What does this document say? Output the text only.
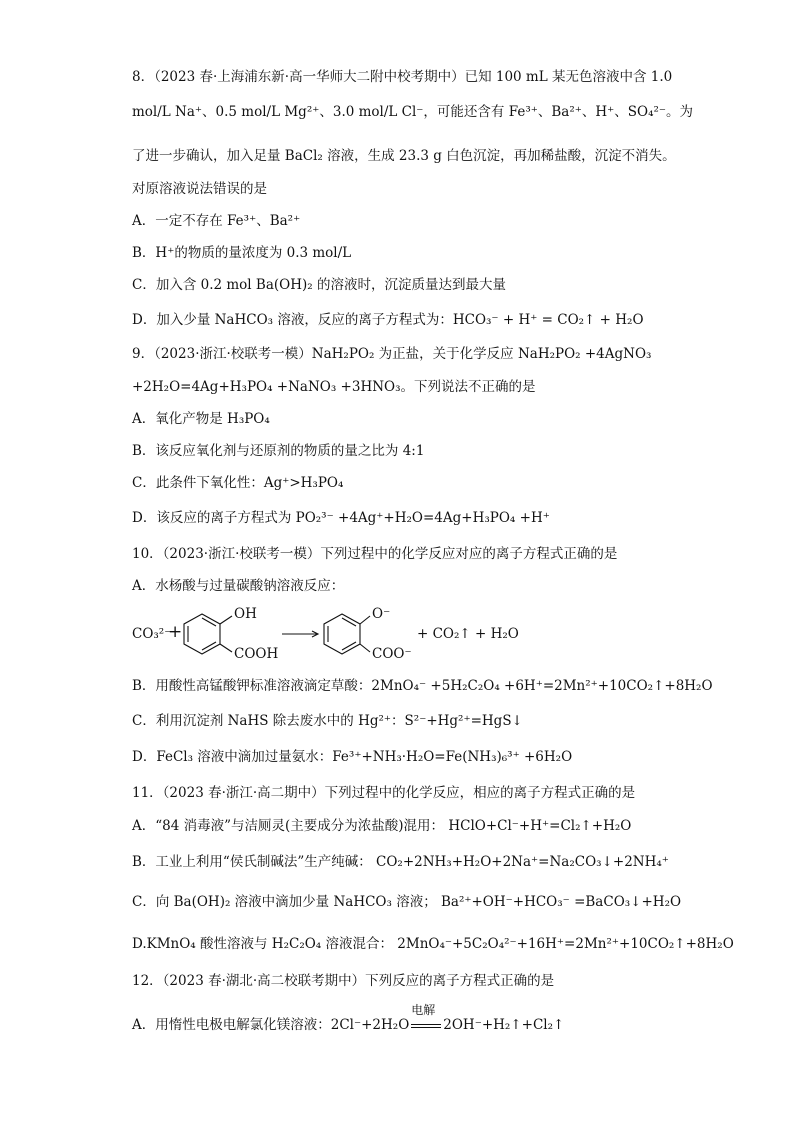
8．（2023 春·上海浦东新·高一华师大二附中校考期中）已知 100 mL 某无色溶液中含 1.0
mol/L Na⁺、0.5 mol/L Mg²⁺、3.0 mol/L Cl⁻，可能还含有 Fe³⁺、Ba²⁺、H⁺、SO₄²⁻。为
了进一步确认，加入足量 BaCl₂ 溶液，生成 23.3 g 白色沉淀，再加稀盐酸，沉淀不消失。
对原溶液说法错误的是
A．一定不存在 Fe³⁺、Ba²⁺
B．H⁺的物质的量浓度为 0.3 mol/L
C．加入含 0.2 mol Ba(OH)₂ 的溶液时，沉淀质量达到最大量
D．加入少量 NaHCO₃ 溶液，反应的离子方程式为：HCO₃⁻ + H⁺ = CO₂↑ + H₂O
9．（2023·浙江·校联考一模）NaH₂PO₂ 为正盐，关于化学反应 NaH₂PO₂ +4AgNO₃
+2H₂O=4Ag+H₃PO₄ +NaNO₃ +3HNO₃。下列说法不正确的是
A．氧化产物是 H₃PO₄
B．该反应氧化剂与还原剂的物质的量之比为 4:1
C．此条件下氧化性：Ag⁺>H₃PO₄
D．该反应的离子方程式为 PO₂³⁻ +4Ag⁺+H₂O=4Ag+H₃PO₄ +H⁺
10．（2023·浙江·校联考一模）下列过程中的化学反应对应的离子方程式正确的是
A．水杨酸与过量碳酸钠溶液反应：
CO₃²⁻
+
OH
COOH
O⁻
COO⁻
+ CO₂↑ + H₂O
B．用酸性高锰酸钾标准溶液滴定草酸：2MnO₄⁻ +5H₂C₂O₄ +6H⁺=2Mn²⁺+10CO₂↑+8H₂O
C．利用沉淀剂 NaHS 除去废水中的 Hg²⁺：S²⁻+Hg²⁺=HgS↓
D．FeCl₃ 溶液中滴加过量氨水：Fe³⁺+NH₃·H₂O=Fe(NH₃)₆³⁺ +6H₂O
11．（2023 春·浙江·高二期中）下列过程中的化学反应，相应的离子方程式正确的是
A．“84 消毒液”与洁厕灵(主要成分为浓盐酸)混用： HClO+Cl⁻+H⁺=Cl₂↑+H₂O
B．工业上利用“侯氏制碱法”生产纯碱： CO₂+2NH₃+H₂O+2Na⁺=Na₂CO₃↓+2NH₄⁺
C．向 Ba(OH)₂ 溶液中滴加少量 NaHCO₃ 溶液； Ba²⁺+OH⁻+HCO₃⁻ =BaCO₃↓+H₂O
D.KMnO₄ 酸性溶液与 H₂C₂O₄ 溶液混合： 2MnO₄⁻+5C₂O₄²⁻+16H⁺=2Mn²⁺+10CO₂↑+8H₂O
12．（2023 春·湖北·高二校联考期中）下列反应的离子方程式正确的是
A．用惰性电极电解氯化镁溶液：2Cl⁻+2H₂O
电解
2OH⁻+H₂↑+Cl₂↑
